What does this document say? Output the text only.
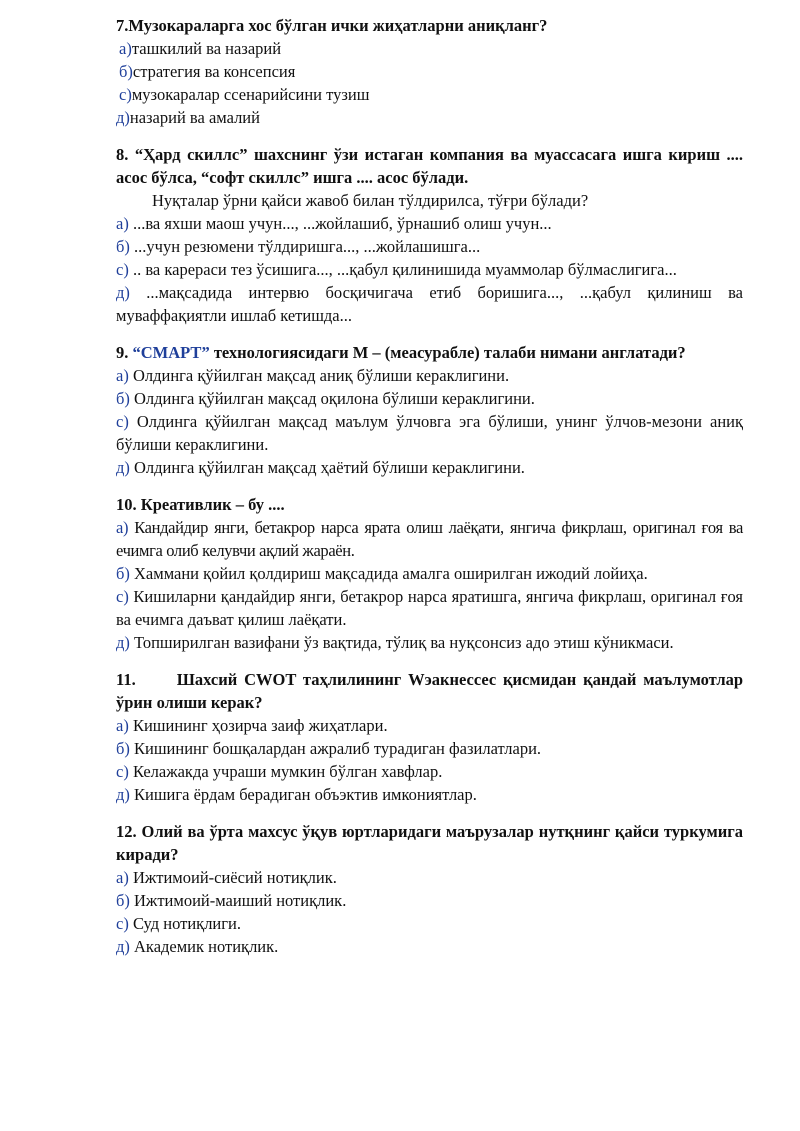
7.Музокараларга хос бўлган ички жиҳатларни аниқланг?
а)ташкилий ва назарий
б)стратегия ва консепсия
с)музокаралар ссенарийсини тузиш
д)назарий ва амалий
8. “Ҳард скиллс” шахснинг ўзи истаган компания ва муассасага ишга кириш .... асос бўлса, “софт скиллс” ишга .... асос бўлади.
Нуқталар ўрни қайси жавоб билан тўлдирилса, тўғри бўлади?
а) ...ва яхши маош учун..., ...жойлашиб, ўрнашиб олиш учун...
б) ...учун резюмени тўлдиришга..., ...жойлашишга...
с) .. ва карераси тез ўсишига..., ...қабул қилинишида муаммолар бўлмаслигига...
д) ...мақсадида интервю босқичигача етиб боришига..., ...қабул қилиниш ва муваффақиятли ишлаб кетишда...
9. “СМАРТ” технологиясидаги М – (меасурабле) талаби нимани англатади?
а) Олдинга қўйилган мақсад аниқ бўлиши кераклигини.
б) Олдинга қўйилган мақсад оқилона бўлиши кераклигини.
с) Олдинга қўйилган мақсад маълум ўлчовга эга бўлиши, унинг ўлчов-мезони аниқ бўлиши кераклигини.
д) Олдинга қўйилган мақсад ҳаётий бўлиши кераклигини.
10. Креативлик – бу ....
а) Кандайдир янги, бетакрор нарса ярата олиш лаёқати, янгича фикрлаш, оригинал ғоя ва ечимга олиб келувчи ақлий жараён.
б) Хаммани қойил қолдириш мақсадида амалга оширилган ижодий лойиҳа.
с) Кишиларни қандайдир янги, бетакрор нарса яратишга, янгича фикрлаш, оригинал ғоя ва ечимга даъват қилиш лаёқати.
д) Топширилган вазифани ўз вақтида, тўлиқ ва нуқсонсиз адо этиш кўникмаси.
11.      Шахсий CWOT таҳлилининг Wэакнессес қисмидан қандай маълумотлар ўрин олиши керак?
а) Кишининг ҳозирча заиф жиҳатлари.
б) Кишининг бошқалардан ажралиб турадиган фазилатлари.
с) Келажакда учраши мумкин бўлган хавфлар.
д) Кишига ёрдам берадиган объэктив имкониятлар.
12. Олий ва ўрта махсус ўқув юртларидаги маърузалар нутқнинг қайси туркумига киради?
а) Ижтимоий-сиёсий нотиқлик.
б) Ижтимоий-маиший нотиқлик.
с) Суд нотиқлиги.
д) Академик нотиқлик.
